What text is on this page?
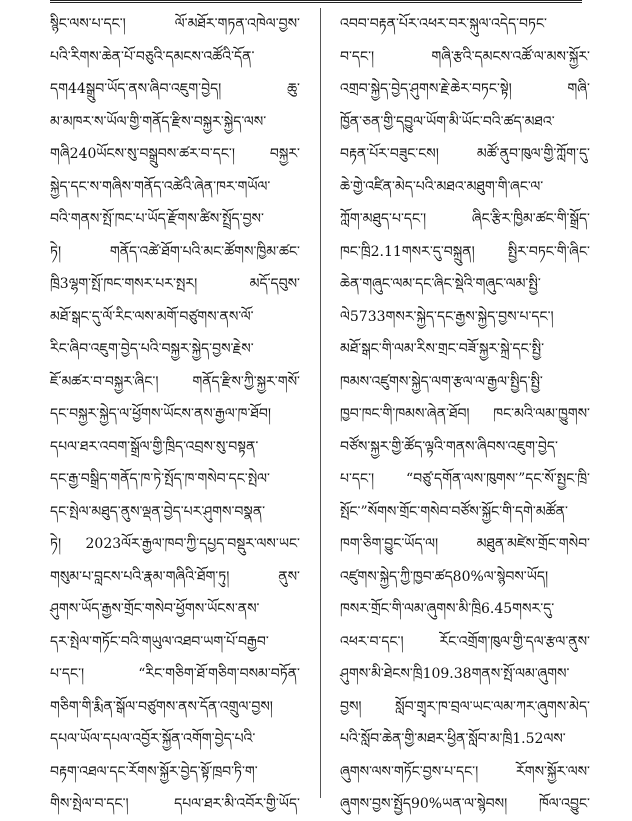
སྙིང་ལས་པ་དང་། ལོ་མཐོར་གཏན་འཁེལ་བྱས་
པའི་རིགས་ཆེན་པོ་བཅུའི་དམངས་འཚོའི་དོན་
དག44སྒྲུབ་ཡོད་ནས་ཞིབ་འཇུག་བྱེད། ཆུ་
མ་མཁར་ས་ཡོལ་གྱི་གནོད་རྫིས་བསྐྱར་སྐྱེད་ལས་
གཞི240ཡོངས་སུ་བསྒྲུབས་ཚར་བ་དང་། བསྐྱར་
སྐྱེད་དང་ས་གཞིས་གནོད་འཚེའི་ཞེན་ཁར་གཡོལ་
བའི་གནས་སྤོ་ཁང་པ་ཡོད་རྫོགས་ཚིས་སྤྲོད་བྱས་
ཏེ། གནོད་འཚེ་ཐོག་པའི་མང་ཚོགས་ཁྱིམ་ཚང་
ཁྲི3ལྷག་སྤོ་ཁང་གསར་པར་སྤར། མདོ་དབུས་
མཐོ་སྒང་དུ་ལོ་རིང་ལས་མགོ་བཙུགས་ནས་ལོ་
རིང་ཞིབ་འཇུག་བྱེད་པའི་བསྐྱར་སྐྱེད་བྱས་རྗེས་
ཇོ་མཚར་བ་བསྐྱར་ཞིང་། གནོད་རྫིས་ཀྱི་སྐྱར་གསོ་
དང་བསྐྱར་སྐྱེད་ལ་ཕྱོགས་ཡོངས་ནས་རྒྱལ་ཁ་ཐོབ།
དཔལ་ཐར་འབག་སྒྲོལ་གྱི་ཁྲིད་འབྲས་སུ་བསྟན་
དང་རྒྱ་བསྒྲིད་གནོད་ཁ་ཏེ་སྤོད་ཁ་གསེབ་དང་སྤེལ་
དང་སྤེལ་མཐུད་ནུས་ལྡན་བྱེད་པར་ཤུགས་བསྣན་
ཏེ། 2023ལོར་རྒྱལ་ཁབ་ཀྱི་དཔྱད་བསྡུར་ལས་ཡང་
གསུམ་པ་བླངས་པའི་རྣམ་གཞིའི་ཐོག་ཏུ། ནུས་
ཤུགས་ཡོད་རྒྱས་གྲོང་གསེབ་ཕྱོགས་ཡོངས་ནས་
དར་སྤེལ་གཏོང་བའི་གཡུལ་འཐབ་ཡག་པོ་བརྒྱབ་
པ་དང་། “རིང་གཅིག་ཐོ་གཅིག་བསམ་བཏོན་
གཅིག་གི་རྨིན་སྒོལ་བཙུགས་ནས་དོན་འགྲུལ་བྱས།
དཔལ་ཡོལ་དཔལ་འབྱོར་སྐྱོན་འགོག་བྱེད་པའི་
བརྟག་འཐལ་དང་རོགས་སྐྱོར་བྱེད་སྟོ་ཁྲབ་ཏི་ག་
གིས་སྤེལ་བ་དང་། དཔལ་ཐར་མི་འབོར་གྱི་ཡོད་
འབབ་བརྟན་པོར་འཕར་བར་སྐུལ་འདེད་བཏང་
བ་དང་། གཞི་རྩའི་དམངས་འཚོ་ལ་མས་སྐྱོར་
འགྲབ་སྐྱེད་བྱེད་ཤུགས་རྗེ་ཆེར་བཏང་སྟེ། གཞི་
ཁྱོན་ཅན་གྱི་དབྱུལ་ཡོག་མི་ཡོང་བའི་ཚད་མཐའ་
བརྟན་པོར་བཟུང་ངས། མཚོ་ནུབ་ཁུལ་གྱི་ཀློག་དུ་
ཆེ་གྱེ་འཛིན་མེད་པའི་མཐའ་མཐུག་གི་ཞང་ལ་
ཀློག་མཐུད་པ་དང་། ཞིང་རྩིར་ཁྱིམ་ཚང་གི་སྒྲོད་
ཁང་ཁྲི2.11གསར་དུ་བསྐྲུན། སྤྱིར་བཏང་གི་ཞིང་
ཆེན་གཞུང་ལམ་དང་ཞིང་སྡེའི་གཞུང་ལམ་སྤྱི་
ལེ5733གསར་སྐྱེད་དང་རྒྱས་སྐྱེད་བྱས་པ་དང་།
མཐོ་སྒང་གི་ལམ་རིས་གྲང་བཟོ་སྐྱར་སྐྲེ་དང་སྤྱི་
ཁམས་འཛུགས་སྐྱེད་ལག་རྩལ་ལ་རྒྱལ་སྤྱིད་སྤྱི་
ཁྱབ་ཁང་གི་ཁམས་ཞེན་ཐོབ། ཁང་མའི་ལམ་ཁྱུགས་
བཙོས་སྐྱར་གྱི་ཚོད་ལྟའི་གནས་ཞིབས་འཇུག་བྱེད་
པ་དང་། “བཙུ་དགོན་ལས་ཁུགས་”དང་སོ་སྤྱང་ཁྲི་
སྤོང་”སོགས་གྲོང་གསེབ་བཙོས་སྐྱོང་གི་དགེ་མཚོན་
ཁག་ཅིག་བྱུང་ཡོད་ལ། མཐུན་མཛེས་གྲོང་གསེབ་
འཛུགས་སྐྱེད་ཀྱི་ཁྱབ་ཚད80%ལ་སྙེབས་ཡོད།
ཁསར་གྲོང་གི་ལམ་ཞུགས་མི་ཁྲི6.45གསར་དུ་
འཕར་བ་དང་། རོང་འགྲོག་ཁུལ་གྱི་དལ་རྩལ་ནུས་
ཤུགས་མི་ཐེངས་ཁྲི109.38གནས་སྤོ་ལམ་ཞུགས་
བྱས། སློབ་གྲྭར་ཁ་བྲལ་ཡང་ལམ་ཀར་ཞུགས་མེད་
པའི་སློབ་ཆེན་གྱི་མཐར་ཕྱིན་སློབ་མ་ཁྲི1.52ལས་
ཞུགས་ལས་གཏོང་བྱས་པ་དང་། རོགས་སྐྱོར་ལས་
ཞུགས་བྱས་སྤྱོད90%ཡན་ལ་སྙེབས། ཁོལ་འབྱུང་
